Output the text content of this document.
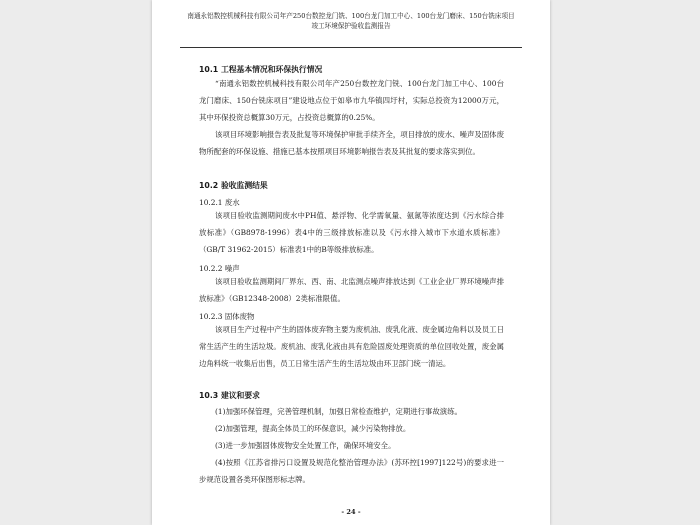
南通永铝数控机械科技有限公司年产250台数控龙门铣、100台龙门加工中心、100台龙门磨床、150台铣床项目
竣工环境保护验收监测报告
10.1 工程基本情况和环保执行情况
“南通永铝数控机械科技有限公司年产250台数控龙门铣、100台龙门加工中心、100台龙门磨床、150台铣床项目”建设地点位于如皋市九华镇四圩村，实际总投资为12000万元，其中环保投资总概算30万元，占投资总概算的0.25%。
该项目环境影响报告表及批复等环境保护审批手续齐全，项目排放的废水、噪声及固体废物所配套的环保设施、措施已基本按照项目环境影响报告表及其批复的要求落实到位。
10.2 验收监测结果
10.2.1 废水
该项目验收监测期间废水中PH值、悬浮物、化学需氧量、氨氮等浓度达到《污水综合排放标准》（GB8978-1996）表4中的三级排放标准以及《污水排入城市下水道水质标准》（GB/T 31962-2015）标准表1中的B等级排放标准。
10.2.2 噪声
该项目验收监测期间厂界东、西、南、北监测点噪声排放达到《工业企业厂界环境噪声排放标准》（GB12348-2008）2类标准限值。
10.2.3 固体废物
该项目生产过程中产生的固体废弃物主要为废机油、废乳化液、废金属边角料以及员工日常生活产生的生活垃圾。废机油、废乳化液由具有危险固废处理资质的单位回收处置，废金属边角料统一收集后出售，员工日常生活产生的生活垃圾由环卫部门统一清运。
10.3 建议和要求
(1)加强环保管理，完善管理机制，加强日常检查维护，定期进行事故演练。
(2)加强管理，提高全体员工的环保意识，减少污染物排放。
(3)进一步加强固体废物安全处置工作，确保环境安全。
(4)按照《江苏省排污口设置及规范化整治管理办法》(苏环控[1997]122号)的要求进一步规范设置各类环保图形标志牌。
- 24 -
